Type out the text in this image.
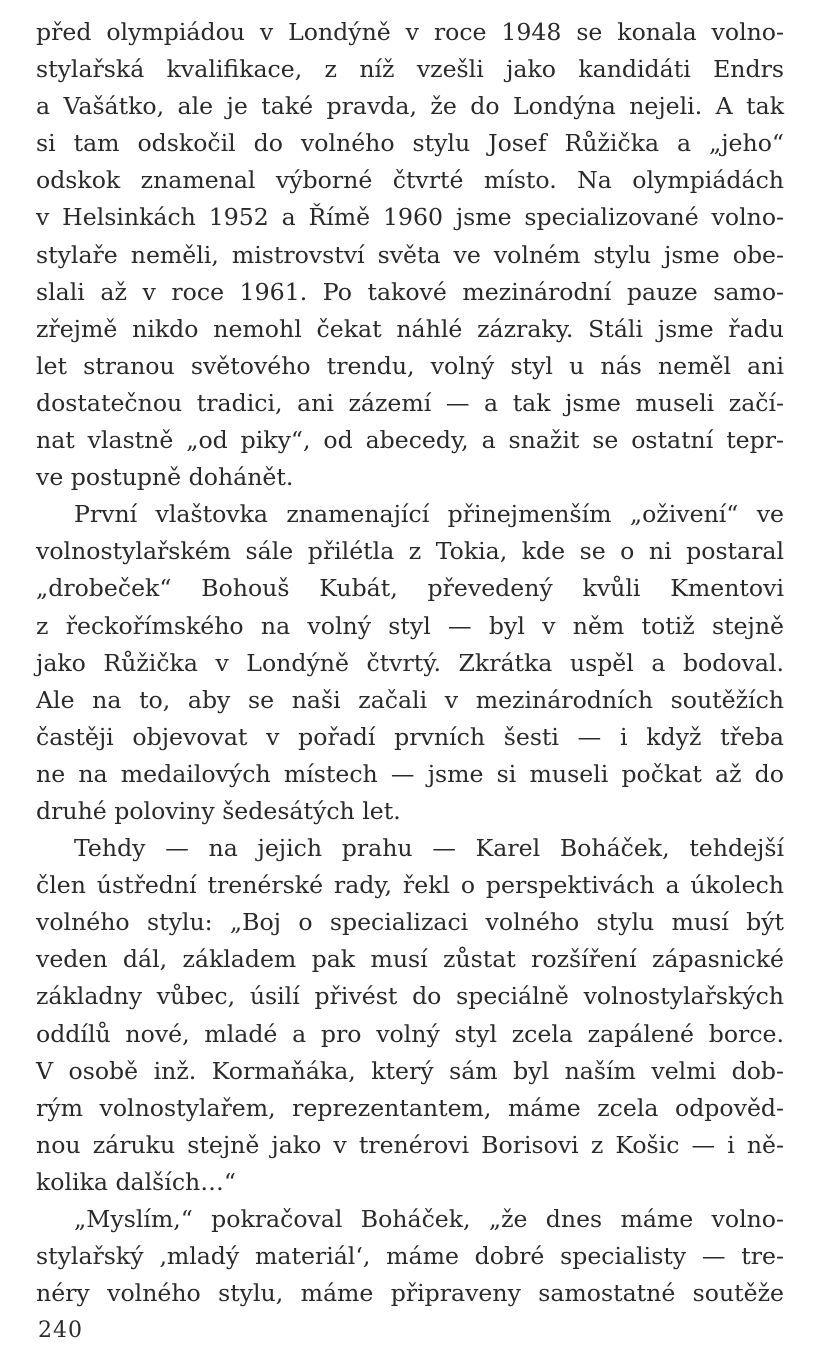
před olympiádou v Londýně v roce 1948 se konala volno-
stylařská kvalifikace, z níž vzešli jako kandidáti Endrs
a Vašátko, ale je také pravda, že do Londýna nejeli. A tak
si tam odskočil do volného stylu Josef Růžička a „jeho“
odskok znamenal výborné čtvrté místo. Na olympiádách
v Helsinkách 1952 a Římě 1960 jsme specializované volno-
stylaře neměli, mistrovství světa ve volném stylu jsme obe-
slali až v roce 1961. Po takové mezinárodní pauze samo-
zřejmě nikdo nemohl čekat náhlé zázraky. Stáli jsme řadu
let stranou světového trendu, volný styl u nás neměl ani
dostatečnou tradici, ani zázemí — a tak jsme museli začí-
nat vlastně „od piky“, od abecedy, a snažit se ostatní tepr-
ve postupně dohánět.
První vlaštovka znamenající přinejmenším „oživení“ ve
volnostylařském sále přilétla z Tokia, kde se o ni postaral
„drobeček“ Bohouš Kubát, převedený kvůli Kmentovi
z řeckořímského na volný styl — byl v něm totiž stejně
jako Růžička v Londýně čtvrtý. Zkrátka uspěl a bodoval.
Ale na to, aby se naši začali v mezinárodních soutěžích
častěji objevovat v pořadí prvních šesti — i když třeba
ne na medailových místech — jsme si museli počkat až do
druhé poloviny šedesátých let.
Tehdy — na jejich prahu — Karel Boháček, tehdejší
člen ústřední trenérské rady, řekl o perspektivách a úkolech
volného stylu: „Boj o specializaci volného stylu musí být
veden dál, základem pak musí zůstat rozšíření zápasnické
základny vůbec, úsilí přivést do speciálně volnostylařských
oddílů nové, mladé a pro volný styl zcela zapálené borce.
V osobě inž. Kormaňáka, který sám byl naším velmi dob-
rým volnostylařem, reprezentantem, máme zcela odpověd-
nou záruku stejně jako v trenérovi Borisovi z Košic — i ně-
kolika dalších…“
„Myslím,“ pokračoval Boháček, „že dnes máme volno-
stylařský ‚mladý materiál‘, máme dobré specialisty — tre-
néry volného stylu, máme připraveny samostatné soutěže
240
